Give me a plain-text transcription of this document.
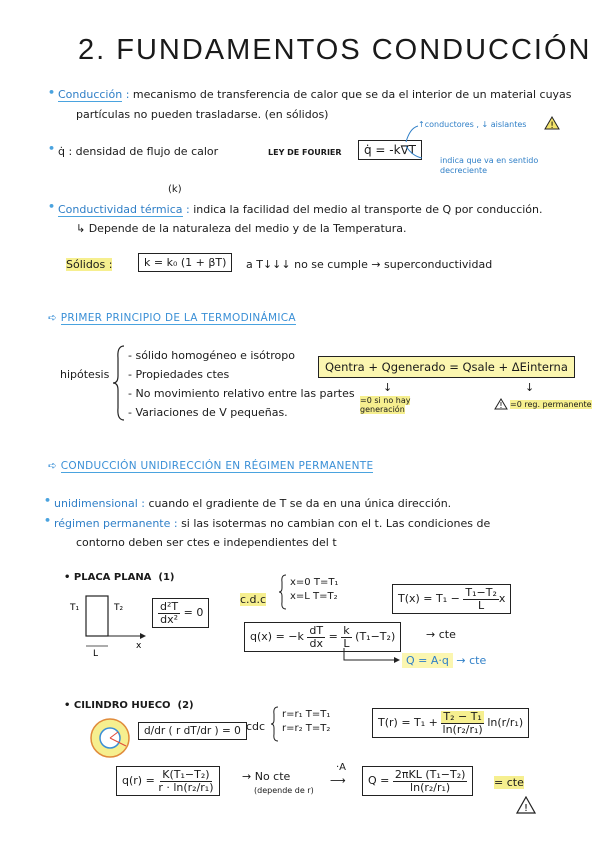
2. FUNDAMENTOS CONDUCCIÓN
• Conducción : mecanismo de transferencia de calor que se da el interior de un material cuyas
partículas no pueden trasladarse. (en sólidos)
• q̇ : densidad de flujo de calor	LEY DE FOURIER	q̇ = -k∇T
↑conductores , ↓ aislantes	!
indica que va en sentido decreciente
(k)
• Conductividad térmica : indica la facilidad del medio al transporte de Q por conducción.
↳ Depende de la naturaleza del medio y de la Temperatura.
Sólidos :	k = k₀ (1 + βT)	a T↓↓↓ no se cumple → superconductividad
➪ PRIMER PRINCIPIO DE LA TERMODINÁMICA
hipótesis
- sólido homogéneo e isótropo
- Propiedades ctes
- No movimiento relativo entre las partes
- Variaciones de V pequeñas.
Qentra + Qgenerado = Qsale + ΔEinterna
↓
=0 si no hay generación
↓
! =0 reg. permanente
➪ CONDUCCIÓN UNIDIRECCIÓN EN RÉGIMEN PERMANENTE
• unidimensional : cuando el gradiente de T se da en una única dirección.
• régimen permanente : si las isotermas no cambian con el t. Las condiciones de
contorno deben ser ctes e independientes del t
• PLACA PLANA (1)
T₁	T₂
x
L
$\frac{\text{d²T}}{\text{dx²}} = 0$
c.d.c
x=0 T=T₁
x=L T=T₂	$T(x) = T_1 - \frac{\text{T₁−T₂}}{L}$ x
$q(x) = -k \frac{dT}{dx} = \frac{k}{L} (T_1-T_2)$	→ cte
Q = A·q → cte
• CILINDRO HUECO (2)
d/dr ( r dT/dr ) = 0 cdc
r=r₁ T=T₁
r=r₂ T=T₂	$T(r) = T_1 + \frac{\text{T₂ − T₁}}{\text{ln(r₂/r₁)}} \ln(r/r_1)$
$q(r) = \frac{\text{K(T₁−T₂)}}{\text{r · ln(r₂/r₁)}}$	→ No cte
(depende de r)
·A
⟶	$Q = \frac{\text{2πKL (T₁−T₂)}}{\text{ln(r₂/r₁)}}$ = cte
!
